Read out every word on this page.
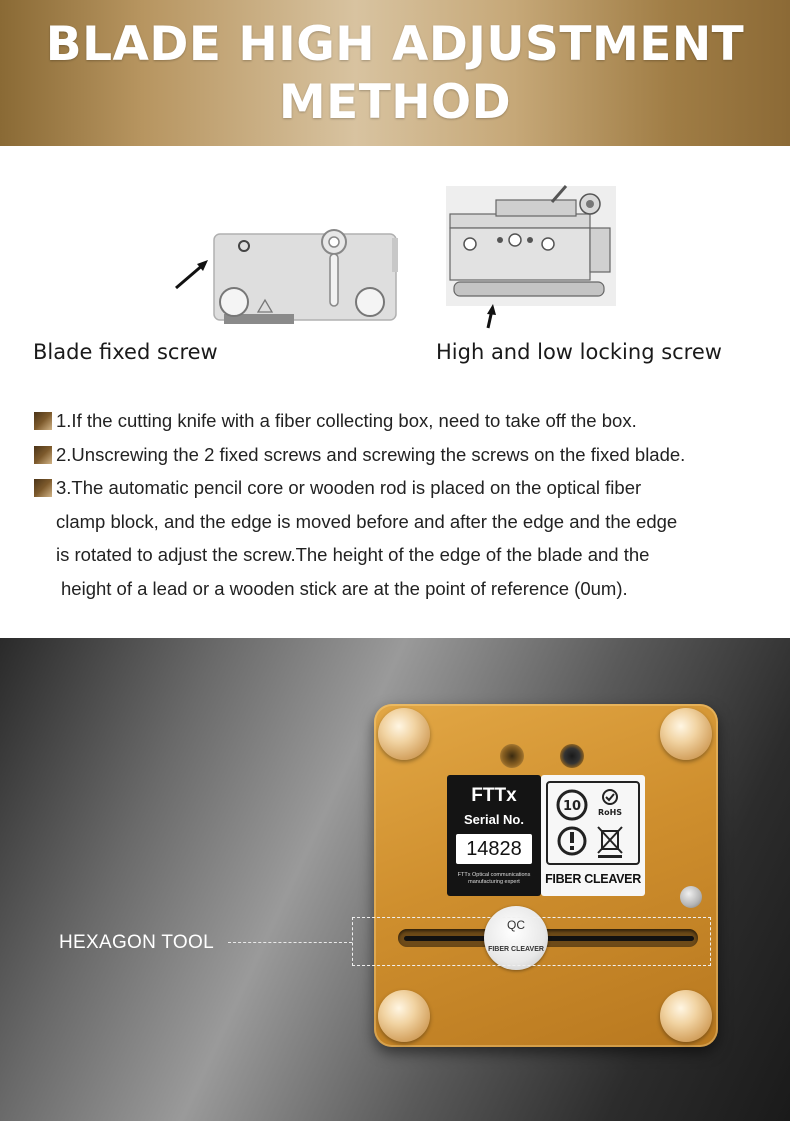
BLADE HIGH ADJUSTMENT
METHOD
Blade fixed screw	High and low locking screw
1.If the cutting knife with a fiber collecting box, need to take off the box.
2.Unscrewing the 2 fixed screws and screwing the screws on the fixed blade.
3.The automatic pencil core or wooden rod is placed on the optical fiber
clamp block, and the edge is moved before and after the edge and the edge
is rotated to adjust the screw.The height of the edge of the blade and the
height of a lead or a wooden stick are at the point of reference (0um).
FTTx
Serial No.
14828
FTTx Optical communications manufacturing expert
10 RoHS
FIBER CLEAVER
QC
FIBER CLEAVER
HEXAGON TOOL
